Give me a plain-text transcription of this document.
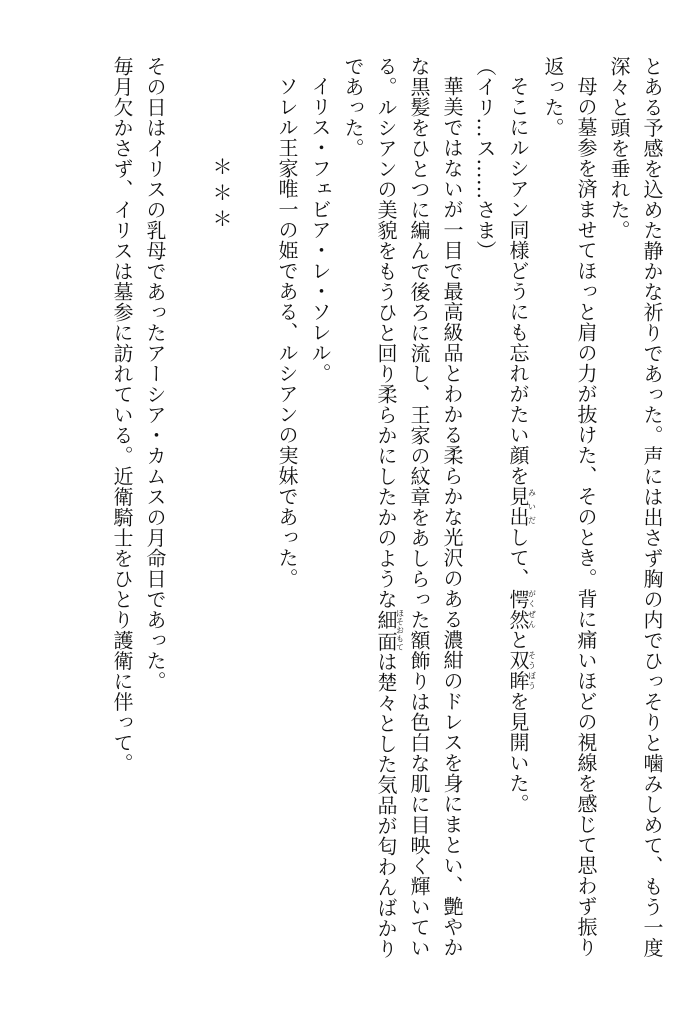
とある予感を込めた静かな祈りであった。声には出さず胸の内でひっそりと噛みしめて、もう一度深々と頭を垂れた。

母の墓参を済ませてほっと肩の力が抜けた、そのとき。背に痛いほどの視線を感じて思わず振り返った。

そこにルシアン同様どうにも忘れがたい顔を見出みいだして、愕然がくぜんと双眸そうぼうを見開いた。

（イリ…ス……さま）

華美ではないが一目で最高級品とわかる柔らかな光沢のある濃紺のドレスを身にまとい、艶やかな黒髪をひとつに編んで後ろに流し、王家の紋章をあしらった額飾りは色白な肌に目映く輝いている。ルシアンの美貌をもうひと回り柔らかにしたかのような細面ほそおもては楚々とした気品が匂わんばかりであった。

イリス・フェビア・レ・ソレル。

ソレル王家唯一の姫である、ルシアンの実妹であった。

＊＊＊

その日はイリスの乳母であったアーシア・カムスの月命日であった。

毎月欠かさず、イリスは墓参に訪れている。近衛騎士をひとり護衛に伴って。
